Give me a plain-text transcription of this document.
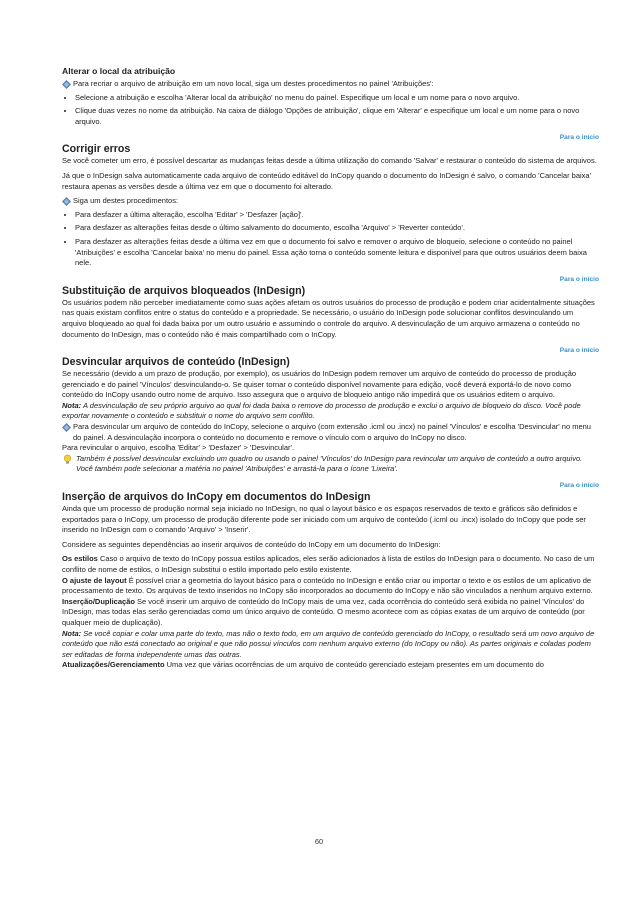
Alterar o local da atribuição
Para recriar o arquivo de atribuição em um novo local, siga um destes procedimentos no painel 'Atribuições':
• Selecione a atribuição e escolha 'Alterar local da atribuição' no menu do painel. Especifique um local e um nome para o novo arquivo.
• Clique duas vezes no nome da atribuição. Na caixa de diálogo 'Opções de atribuição', clique em 'Alterar' e especifique um local e um nome para o novo arquivo.
Para o início
Corrigir erros

Se você cometer um erro, é possível descartar as mudanças feitas desde a última utilização do comando 'Salvar' e restaurar o conteúdo do sistema de arquivos.

Já que o InDesign salva automaticamente cada arquivo de conteúdo editável do InCopy quando o documento do InDesign é salvo, o comando 'Cancelar baixa' restaura apenas as versões desde a última vez em que o documento foi alterado.

Siga um destes procedimentos:
• Para desfazer a última alteração, escolha 'Editar' > 'Desfazer [ação]'.
• Para desfazer as alterações feitas desde o último salvamento do documento, escolha 'Arquivo' > 'Reverter conteúdo'.
• Para desfazer as alterações feitas desde a última vez em que o documento foi salvo e remover o arquivo de bloqueio, selecione o conteúdo no painel 'Atribuições' e escolha 'Cancelar baixa' no menu do painel. Essa ação torna o conteúdo somente leitura e disponível para que outros usuários deem baixa nele.
Para o início
Substituição de arquivos bloqueados (InDesign)

Os usuários podem não perceber imediatamente como suas ações afetam os outros usuários do processo de produção e podem criar acidentalmente situações nas quais existam conflitos entre o status do conteúdo e a propriedade. Se necessário, o usuário do InDesign pode solucionar conflitos desvinculando um arquivo bloqueado ao qual foi dada baixa por um outro usuário e assumindo o controle do arquivo. A desvinculação de um arquivo armazena o conteúdo no documento do InDesign, mas o conteúdo não é mais compartilhado com o InCopy.

Para o início
Desvincular arquivos de conteúdo (InDesign)

Se necessário (devido a um prazo de produção, por exemplo), os usuários do InDesign podem remover um arquivo de conteúdo do processo de produção gerenciado e do painel 'Vínculos' desvinculando-o. Se quiser tornar o conteúdo disponível novamente para edição, você deverá exportá-lo de novo como conteúdo do InCopy usando outro nome de arquivo. Isso assegura que o arquivo de bloqueio antigo não impedirá que os usuários editem o arquivo.

Nota: A desvinculação de seu próprio arquivo ao qual foi dada baixa o remove do processo de produção e exclui o arquivo de bloqueio do disco. Você pode exportar novamente o conteúdo e substituir o nome do arquivo sem conflito.

Para desvincular um arquivo de conteúdo do InCopy, selecione o arquivo (com extensão .icml ou .incx) no painel 'Vínculos' e escolha 'Desvincular' no menu do painel. A desvinculação incorpora o conteúdo no documento e remove o vínculo com o arquivo do InCopy no disco.

Para revincular o arquivo, escolha 'Editar' > 'Desfazer' > 'Desvincular'.

Também é possível desvincular excluindo um quadro ou usando o painel 'Vínculos' do InDesign para revincular um arquivo de conteúdo a outro arquivo. Você também pode selecionar a matéria no painel 'Atribuições' e arrastá-la para o ícone 'Lixeira'.
Para o início
Inserção de arquivos do InCopy em documentos do InDesign

Ainda que um processo de produção normal seja iniciado no InDesign, no qual o layout básico e os espaços reservados de texto e gráficos são definidos e exportados para o InCopy, um processo de produção diferente pode ser iniciado com um arquivo de conteúdo (.icml ou .incx) isolado do InCopy que pode ser inserido no InDesign com o comando 'Arquivo' > 'Inserir'.

Considere as seguintes dependências ao inserir arquivos de conteúdo do InCopy em um documento do InDesign:

Os estilos Caso o arquivo de texto do InCopy possua estilos aplicados, eles serão adicionados à lista de estilos do InDesign para o documento. No caso de um conflito de nome de estilos, o InDesign substitui o estilo importado pelo estilo existente.

O ajuste de layout É possível criar a geometria do layout básico para o conteúdo no InDesign e então criar ou importar o texto e os estilos de um aplicativo de processamento de texto. Os arquivos de texto inseridos no InCopy são incorporados ao documento do InCopy e não são vinculados a nenhum arquivo externo.

Inserção/Duplicação Se você inserir um arquivo de conteúdo do InCopy mais de uma vez, cada ocorrência do conteúdo será exibida no painel 'Vínculos' do InDesign, mas todas elas serão gerenciadas como um único arquivo de conteúdo. O mesmo acontece com as cópias exatas de um arquivo de conteúdo (por qualquer meio de duplicação).

Nota: Se você copiar e colar uma parte do texto, mas não o texto todo, em um arquivo de conteúdo gerenciado do InCopy, o resultado será um novo arquivo de conteúdo que não está conectado ao original e que não possui vínculos com nenhum arquivo externo (do InCopy ou não). As partes originais e coladas podem ser editadas de forma independente umas das outras.

Atualizações/Gerenciamento Uma vez que várias ocorrências de um arquivo de conteúdo gerenciado estejam presentes em um documento do

60
